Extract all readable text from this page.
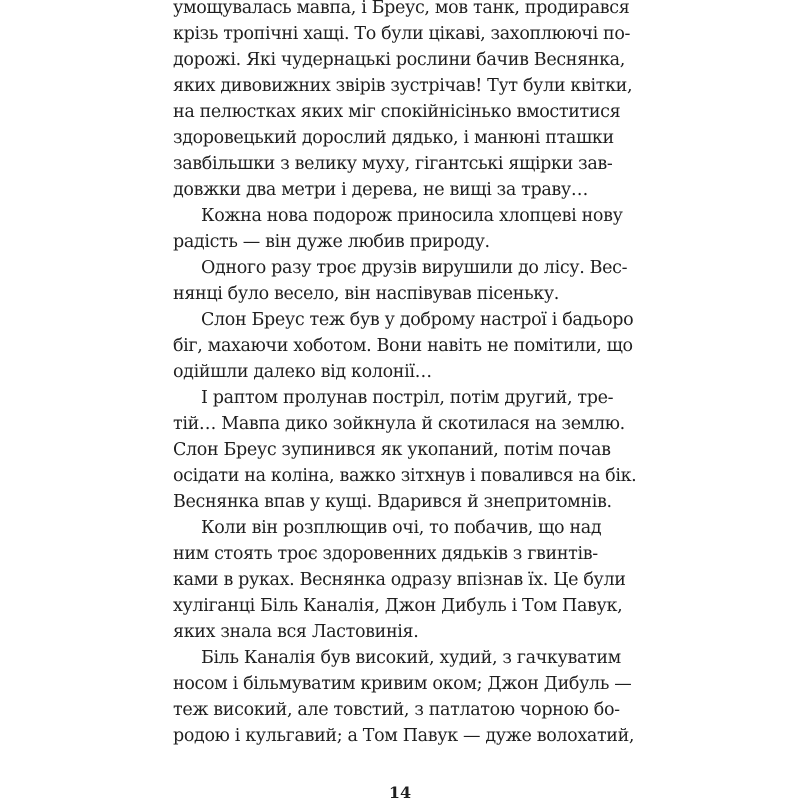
умощувалась мавпа, і Бреус, мов танк, продирався
крізь тропічні хащі. То були цікаві, захоплюючі по-
дорожі. Які чудернацькі рослини бачив Веснянка,
яких дивовижних звірів зустрічав! Тут були квітки,
на пелюстках яких міг спокійнісінько вмоститися
здоровецький дорослий дядько, і манюні пташки
завбільшки з велику муху, гігантські ящірки зав-
довжки два метри і дерева, не вищі за траву…
Кожна нова подорож приносила хлопцеві нову
радість — він дуже любив природу.
Одного разу троє друзів вирушили до лісу. Вес-
нянці було весело, він наспівував пісеньку.
Слон Бреус теж був у доброму настрої і бадьоро
біг, махаючи хоботом. Вони навіть не помітили, що
одійшли далеко від колонії…
І раптом пролунав постріл, потім другий, тре-
тій… Мавпа дико зойкнула й скотилася на землю.
Слон Бреус зупинився як укопаний, потім почав
осідати на коліна, важко зітхнув і повалився на бік.
Веснянка впав у кущі. Вдарився й знепритомнів.
Коли він розплющив очі, то побачив, що над
ним стоять троє здоровенних дядьків з гвинтів-
ками в руках. Веснянка одразу впізнав їх. Це були
хуліганці Біль Каналія, Джон Дибуль і Том Павук,
яких знала вся Ластовинія.
Біль Каналія був високий, худий, з гачкуватим
носом і більмуватим кривим оком; Джон Дибуль —
теж високий, але товстий, з патлатою чорною бо-
родою і кульгавий; а Том Павук — дуже волохатий,
14
